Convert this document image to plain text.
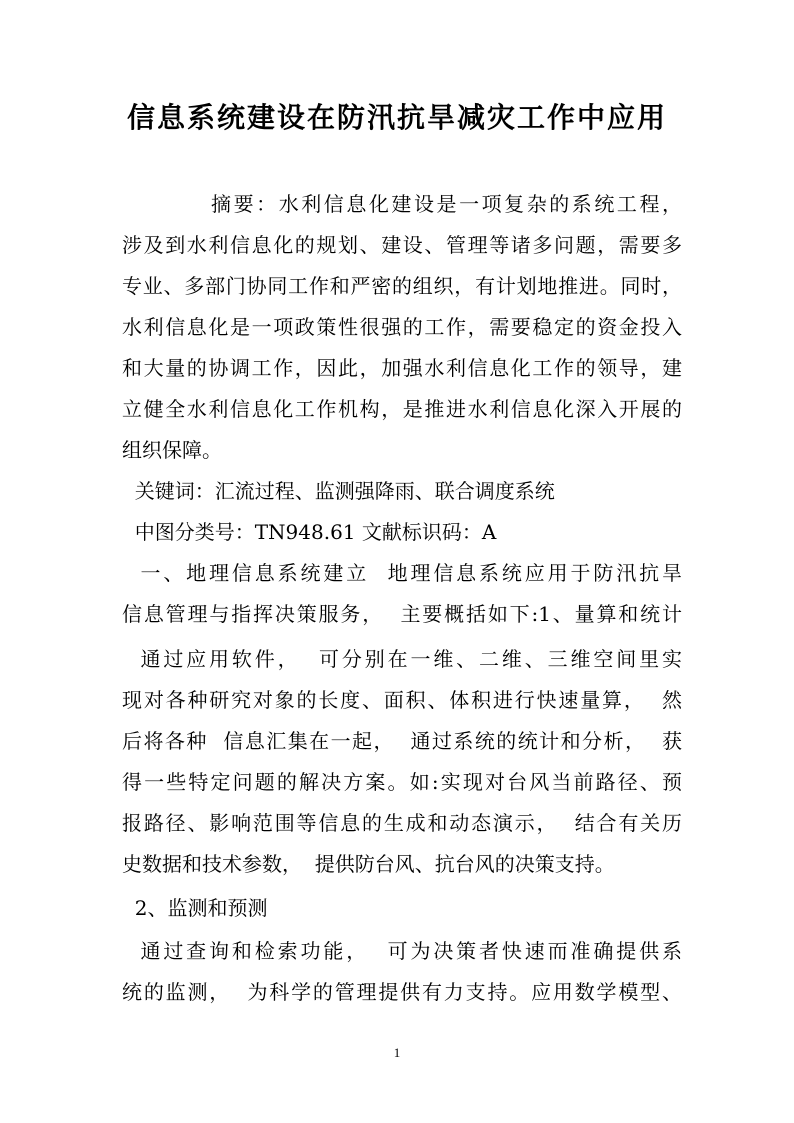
信息系统建设在防汛抗旱减灾工作中应用
摘要：水利信息化建设是一项复杂的系统工程，
涉及到水利信息化的规划、建设、管理等诸多问题，需要多
专业、多部门协同工作和严密的组织，有计划地推进。同时，
水利信息化是一项政策性很强的工作，需要稳定的资金投入
和大量的协调工作，因此，加强水利信息化工作的领导，建
立健全水利信息化工作机构，是推进水利信息化深入开展的
组织保障。
关键词：汇流过程、监测强降雨、联合调度系统
中图分类号：TN948.61 文献标识码：A
一、地理信息系统建立  地理信息系统应用于防汛抗旱
信息管理与指挥决策服务，  主要概括如下:1、量算和统计
通过应用软件，  可分别在一维、二维、三维空间里实
现对各种研究对象的长度、面积、体积进行快速量算，  然
后将各种  信息汇集在一起，  通过系统的统计和分析，  获
得一些特定问题的解决方案。如:实现对台风当前路径、预
报路径、影响范围等信息的生成和动态演示，  结合有关历
史数据和技术参数，  提供防台风、抗台风的决策支持。
2、监测和预测
通过查询和检索功能，  可为决策者快速而准确提供系
统的监测，  为科学的管理提供有力支持。应用数学模型、
1
